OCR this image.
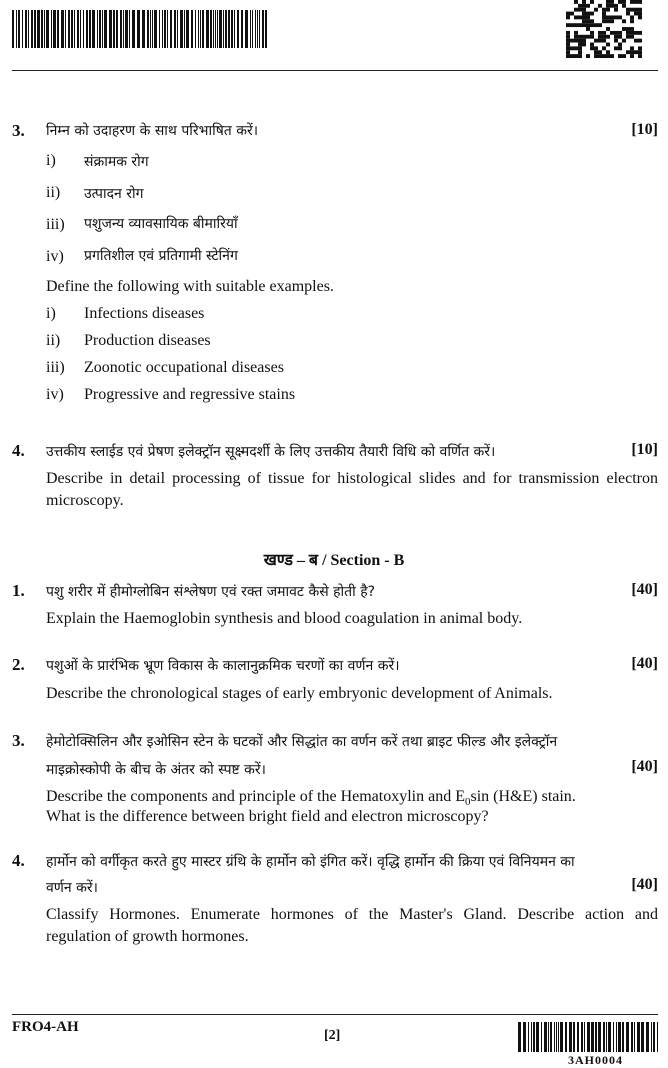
3. निम्न को उदाहरण के साथ परिभाषित करें।	[10]
i) संक्रामक रोग
ii) उत्पादन रोग
iii) पशुजन्य व्यावसायिक बीमारियाँ
iv) प्रगतिशील एवं प्रतिगामी स्टेनिंग
Define the following with suitable examples.
i) Infections diseases
ii) Production diseases
iii) Zoonotic occupational diseases
iv) Progressive and regressive stains
4. उत्तकीय स्लाईड एवं प्रेषण इलेक्ट्रॉन सूक्ष्मदर्शी के लिए उत्तकीय तैयारी विधि को वर्णित करें।	[10]
Describe in detail processing of tissue for histological slides and for transmission electron microscopy.
खण्ड – ब / Section - B
1. पशु शरीर में हीमोग्लोबिन संश्लेषण एवं रक्त जमावट कैसे होती है?	[40]
Explain the Haemoglobin synthesis and blood coagulation in animal body.
2. पशुओं के प्रारंभिक भ्रूण विकास के कालानुक्रमिक चरणों का वर्णन करें।	[40]
Describe the chronological stages of early embryonic development of Animals.
3. हेमोटोक्सिलिन और इओसिन स्टेन के घटकों और सिद्धांत का वर्णन करें तथा ब्राइट फील्ड और इलेक्ट्रॉन
माइक्रोस्कोपी के बीच के अंतर को स्पष्ट करें।	[40]
Describe the components and principle of the Hematoxylin and $E_0\sin$ (H&E) stain.
What is the difference between bright field and electron microscopy?
4. हार्मोन को वर्गीकृत करते हुए मास्टर ग्रंथि के हार्मोन को इंगित करें। वृद्धि हार्मोन की क्रिया एवं विनियमन का
वर्णन करें।	[40]
Classify Hormones. Enumerate hormones of the Master's Gland. Describe action and regulation of growth hormones.
FRO4-AH
[2]
3AH0004
